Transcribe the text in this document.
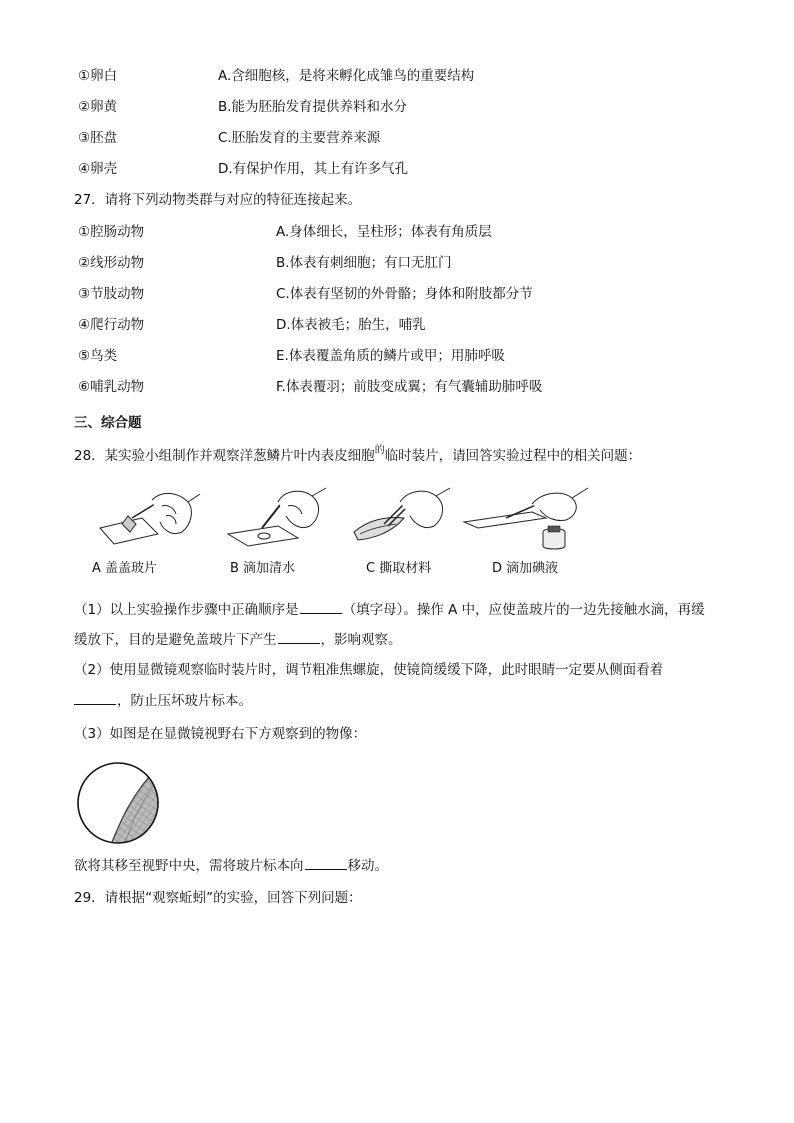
①卵白	A.含细胞核，是将来孵化成雏鸟的重要结构
②卵黄	B.能为胚胎发育提供养料和水分
③胚盘	C.胚胎发育的主要营养来源
④卵壳	D.有保护作用，其上有许多气孔
27．请将下列动物类群与对应的特征连接起来。
①腔肠动物	A.身体细长，呈柱形；体表有角质层
②线形动物	B.体表有刺细胞；有口无肛门
③节肢动物	C.体表有坚韧的外骨骼；身体和附肢都分节
④爬行动物	D.体表被毛；胎生，哺乳
⑤鸟类	E.体表覆盖角质的鳞片或甲；用肺呼吸
⑥哺乳动物	F.体表覆羽；前肢变成翼；有气囊辅助肺呼吸
三、综合题
28．某实验小组制作并观察洋葱鳞片叶内表皮细胞$^的$临时装片，请回答实验过程中的相关问题：
A 盖盖玻片	B 滴加清水	C 撕取材料	D 滴加碘液
（1）以上实验操作步骤中正确顺序是	（填字母）。操作 A 中，应使盖玻片的一边先接触水滴，再缓
缓放下，目的是避免盖玻片下产生	，影响观察。
（2）使用显微镜观察临时装片时，调节粗准焦螺旋，使镜筒缓缓下降，此时眼睛一定要从侧面看着
，防止压坏玻片标本。
（3）如图是在显微镜视野右下方观察到的物像：
欲将其移至视野中央，需将玻片标本向	移动。
29．请根据“观察蚯蚓”的实验，回答下列问题：
